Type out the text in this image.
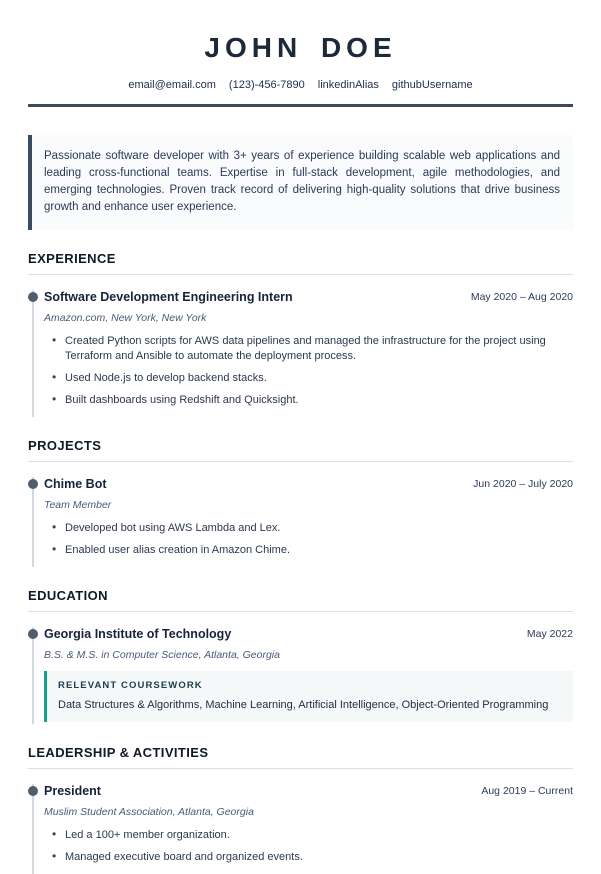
JOHN DOE
email@email.com (123)-456-7890 linkedinAlias githubUsername
Passionate software developer with 3+ years of experience building scalable web applications and leading cross-functional teams. Expertise in full-stack development, agile methodologies, and emerging technologies. Proven track record of delivering high-quality solutions that drive business growth and enhance user experience.
EXPERIENCE
Software Development Engineering Intern	May 2020 – Aug 2020
Amazon.com, New York, New York
• Created Python scripts for AWS data pipelines and managed the infrastructure for the project using Terraform and Ansible to automate the deployment process.
• Used Node.js to develop backend stacks.
• Built dashboards using Redshift and Quicksight.
PROJECTS
Chime Bot	Jun 2020 – July 2020
Team Member
• Developed bot using AWS Lambda and Lex.
• Enabled user alias creation in Amazon Chime.
EDUCATION
Georgia Institute of Technology	May 2022
B.S. & M.S. in Computer Science, Atlanta, Georgia
RELEVANT COURSEWORK
Data Structures & Algorithms, Machine Learning, Artificial Intelligence, Object-Oriented Programming
LEADERSHIP & ACTIVITIES
President	Aug 2019 – Current
Muslim Student Association, Atlanta, Georgia
• Led a 100+ member organization.
• Managed executive board and organized events.
